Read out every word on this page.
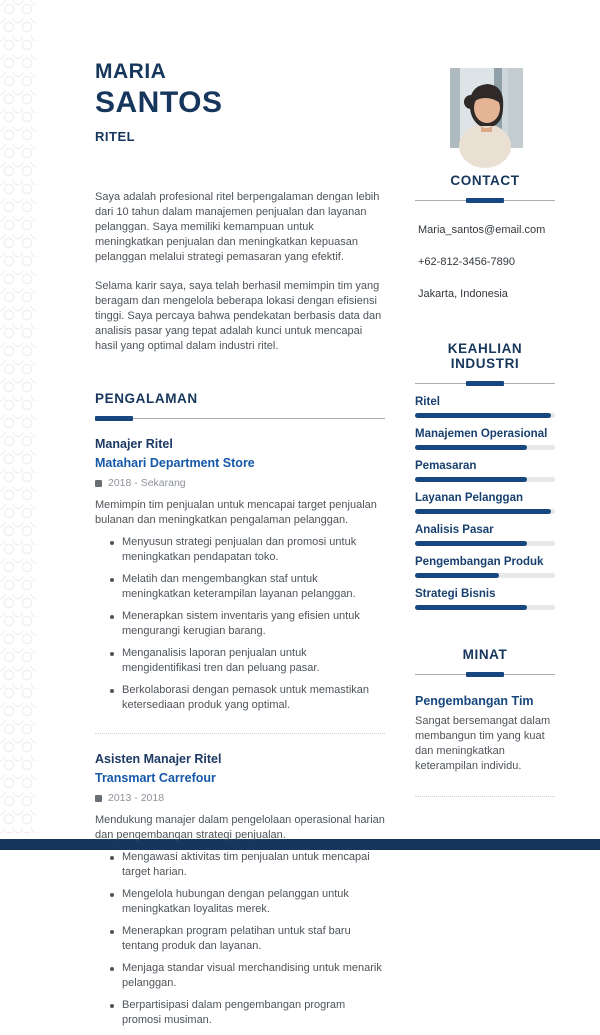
MARIA
SANTOS
RITEL

Saya adalah profesional ritel berpengalaman dengan lebih dari 10 tahun dalam manajemen penjualan dan layanan pelanggan. Saya memiliki kemampuan untuk meningkatkan penjualan dan meningkatkan kepuasan pelanggan melalui strategi pemasaran yang efektif.

Selama karir saya, saya telah berhasil memimpin tim yang beragam dan mengelola beberapa lokasi dengan efisiensi tinggi. Saya percaya bahwa pendekatan berbasis data dan analisis pasar yang tepat adalah kunci untuk mencapai hasil yang optimal dalam industri ritel.

PENGALAMAN
Manajer Ritel
Matahari Department Store
2018 - Sekarang
Memimpin tim penjualan untuk mencapai target penjualan bulanan dan meningkatkan pengalaman pelanggan.
Menyusun strategi penjualan dan promosi untuk meningkatkan pendapatan toko.
Melatih dan mengembangkan staf untuk meningkatkan keterampilan layanan pelanggan.
Menerapkan sistem inventaris yang efisien untuk mengurangi kerugian barang.
Menganalisis laporan penjualan untuk mengidentifikasi tren dan peluang pasar.
Berkolaborasi dengan pemasok untuk memastikan ketersediaan produk yang optimal.
Asisten Manajer Ritel
Transmart Carrefour
2013 - 2018
Mendukung manajer dalam pengelolaan operasional harian dan pengembangan strategi penjualan.
Mengawasi aktivitas tim penjualan untuk mencapai target harian.
Mengelola hubungan dengan pelanggan untuk meningkatkan loyalitas merek.
Menerapkan program pelatihan untuk staf baru tentang produk dan layanan.
Menjaga standar visual merchandising untuk menarik pelanggan.
Berpartisipasi dalam pengembangan program promosi musiman.
CONTACT
Maria_santos@email.com
+62-812-3456-7890
Jakarta, Indonesia
KEAHLIAN INDUSTRI
Ritel
Manajemen Operasional
Pemasaran
Layanan Pelanggan
Analisis Pasar
Pengembangan Produk
Strategi Bisnis
MINAT
Pengembangan Tim
Sangat bersemangat dalam membangun tim yang kuat dan meningkatkan keterampilan individu.
